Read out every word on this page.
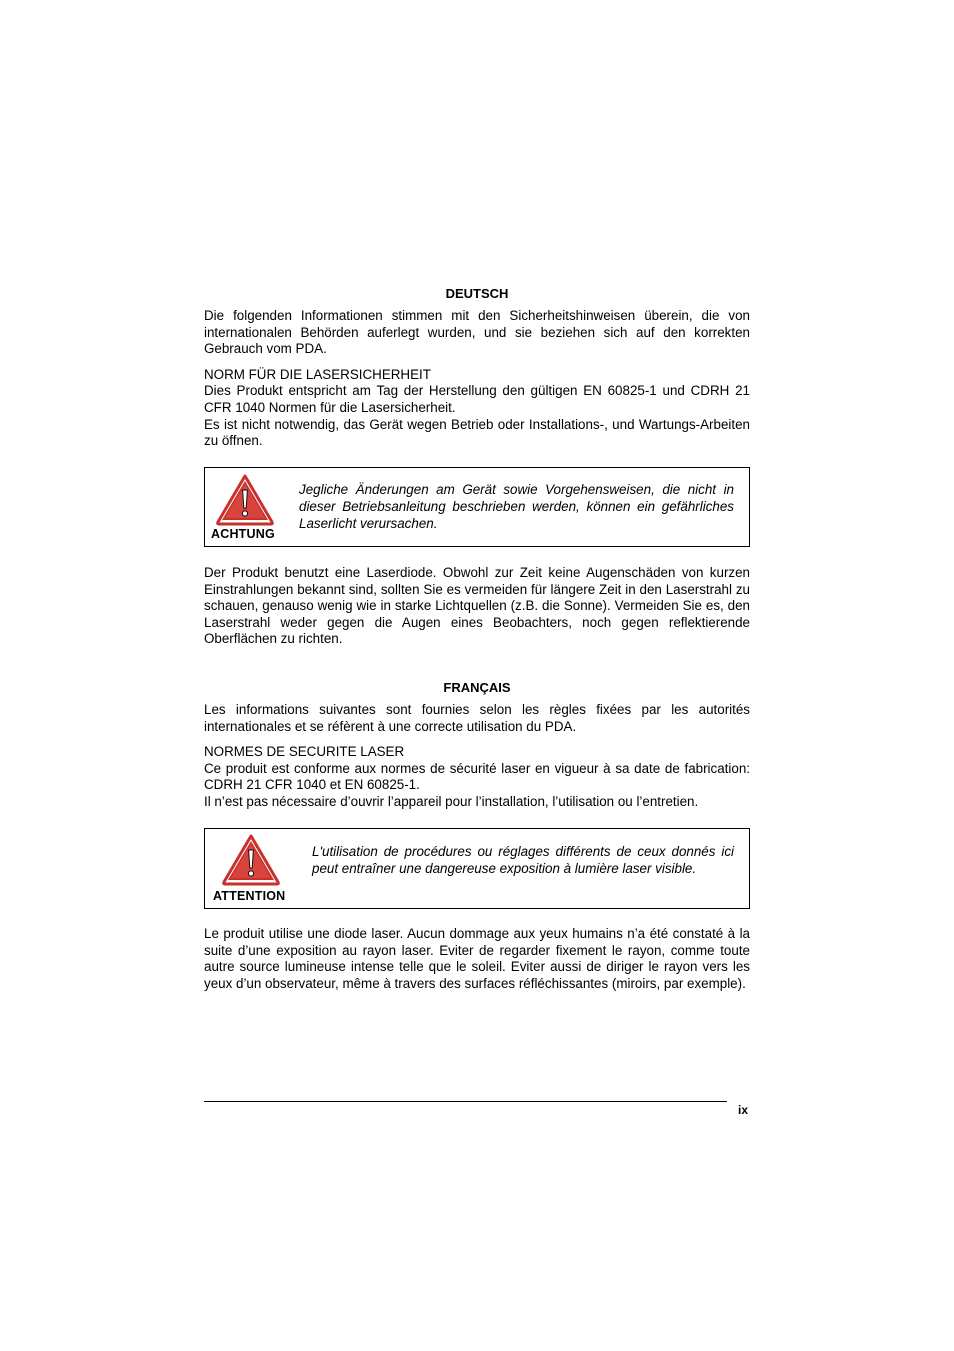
DEUTSCH

Die folgenden Informationen stimmen mit den Sicherheitshinweisen überein, die von internationalen Behörden auferlegt wurden, und sie beziehen sich auf den korrekten Gebrauch vom PDA.

NORM FÜR DIE LASERSICHERHEIT

Dies Produkt entspricht am Tag der Herstellung den gültigen EN 60825-1 und CDRH 21 CFR 1040 Normen für die Lasersicherheit.

Es ist nicht notwendig, das Gerät wegen Betrieb oder Installations-, und Wartungs-Arbeiten zu öffnen.

ACHTUNG
Jegliche Änderungen am Gerät sowie Vorgehensweisen, die nicht in dieser Betriebsanleitung beschrieben werden, können ein gefährliches Laserlicht verursachen.

Der Produkt benutzt eine Laserdiode. Obwohl zur Zeit keine Augenschäden von kurzen Einstrahlungen bekannt sind, sollten Sie es vermeiden für längere Zeit in den Laserstrahl zu schauen, genauso wenig wie in starke Lichtquellen (z.B. die Sonne). Vermeiden Sie es, den Laserstrahl weder gegen die Augen eines Beobachters, noch gegen reflektierende Oberflächen zu richten.

FRANÇAIS

Les informations suivantes sont fournies selon les règles fixées par les autorités internationales et se réfèrent à une correcte utilisation du PDA.

NORMES DE SECURITE LASER

Ce produit est conforme aux normes de sécurité laser en vigueur à sa date de fabrication: CDRH 21 CFR 1040 et EN 60825-1.

Il n’est pas nécessaire d’ouvrir l’appareil pour l’installation, l’utilisation ou l’entretien.

ATTENTION
L'utilisation de procédures ou réglages différents de ceux donnés ici peut entraîner une dangereuse exposition à lumière laser visible.

Le produit utilise une diode laser. Aucun dommage aux yeux humains n’a été constaté à la suite d’une exposition au rayon laser. Eviter de regarder fixement le rayon, comme toute autre source lumineuse intense telle que le soleil. Eviter aussi de diriger le rayon vers les yeux d’un observateur, même à travers des surfaces réfléchissantes (miroirs, par exemple).

ix
